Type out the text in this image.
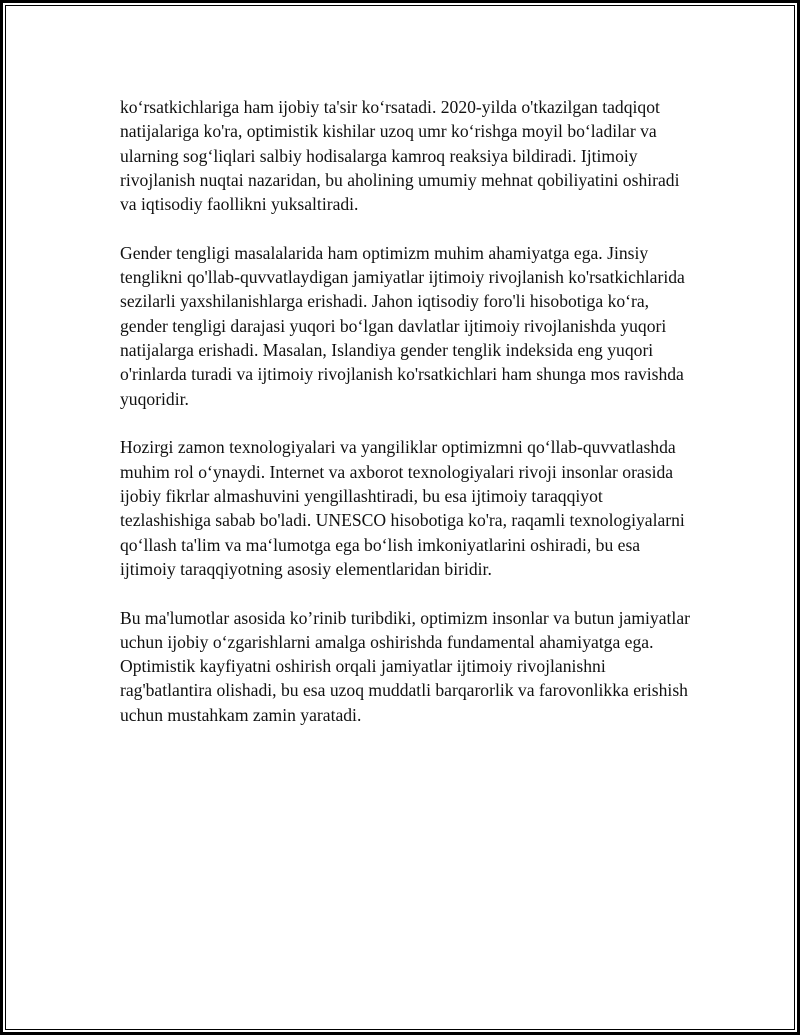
ko‘rsatkichlariga ham ijobiy ta'sir ko‘rsatadi. 2020-yilda o'tkazilgan tadqiqot natijalariga ko'ra, optimistik kishilar uzoq umr ko‘rishga moyil bo‘ladilar va ularning sog‘liqlari salbiy hodisalarga kamroq reaksiya bildiradi. Ijtimoiy rivojlanish nuqtai nazaridan, bu aholining umumiy mehnat qobiliyatini oshiradi va iqtisodiy faollikni yuksaltiradi.

Gender tengligi masalalarida ham optimizm muhim ahamiyatga ega. Jinsiy tenglikni qo'llab-quvvatlaydigan jamiyatlar ijtimoiy rivojlanish ko'rsatkichlarida sezilarli yaxshilanishlarga erishadi. Jahon iqtisodiy foro'li hisobotiga ko‘ra, gender tengligi darajasi yuqori bo‘lgan davlatlar ijtimoiy rivojlanishda yuqori natijalarga erishadi. Masalan, Islandiya gender tenglik indeksida eng yuqori o'rinlarda turadi va ijtimoiy rivojlanish ko'rsatkichlari ham shunga mos ravishda yuqoridir.

Hozirgi zamon texnologiyalari va yangiliklar optimizmni qo‘llab-quvvatlashda muhim rol o‘ynaydi. Internet va axborot texnologiyalari rivoji insonlar orasida ijobiy fikrlar almashuvini yengillashtiradi, bu esa ijtimoiy taraqqiyot tezlashishiga sabab bo'ladi. UNESCO hisobotiga ko'ra, raqamli texnologiyalarni qo‘llash ta'lim va ma‘lumotga ega bo‘lish imkoniyatlarini oshiradi, bu esa ijtimoiy taraqqiyotning asosiy elementlaridan biridir.

Bu ma'lumotlar asosida ko’rinib turibdiki, optimizm insonlar va butun jamiyatlar uchun ijobiy o‘zgarishlarni amalga oshirishda fundamental ahamiyatga ega. Optimistik kayfiyatni oshirish orqali jamiyatlar ijtimoiy rivojlanishni rag'batlantira olishadi, bu esa uzoq muddatli barqarorlik va farovonlikka erishish uchun mustahkam zamin yaratadi.
